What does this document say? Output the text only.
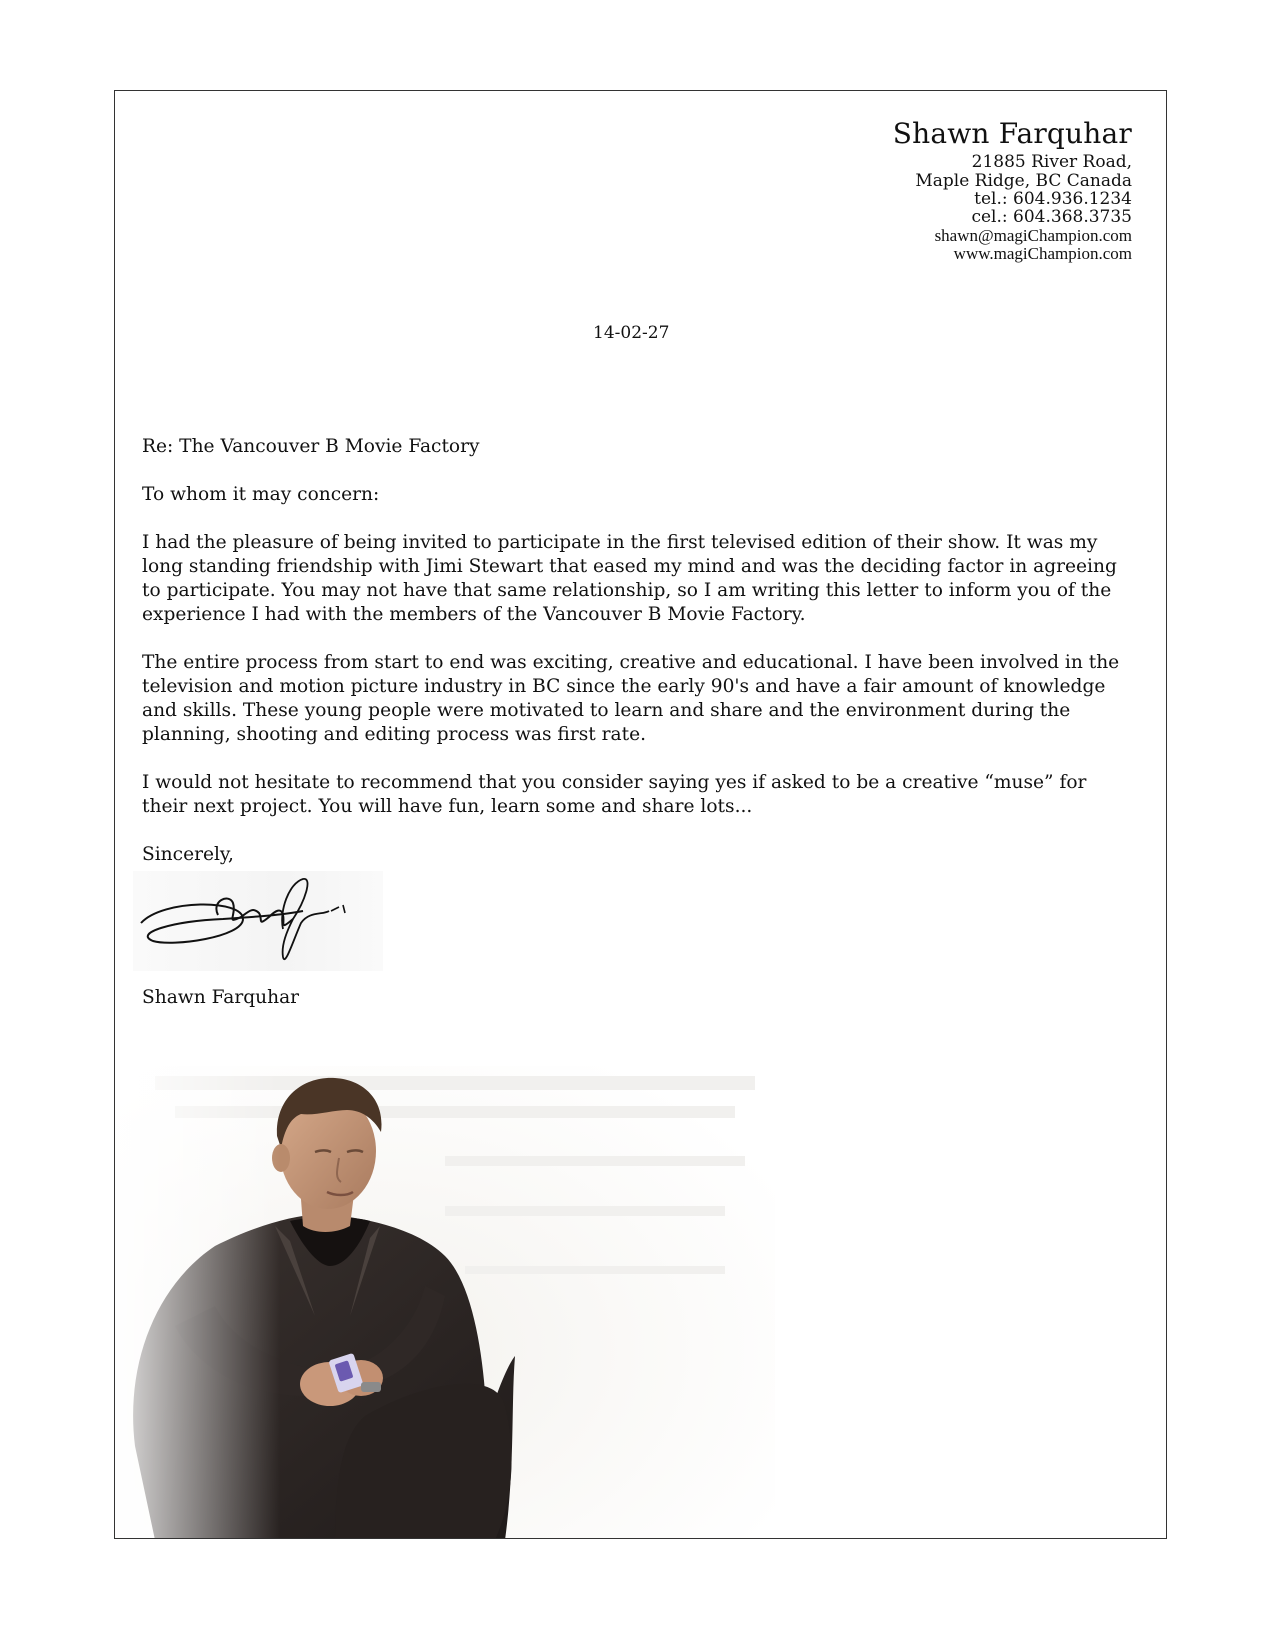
Shawn Farquhar
21885 River Road,
Maple Ridge, BC Canada
tel.: 604.936.1234
cel.: 604.368.3735
shawn@magiChampion.com
www.magiChampion.com
14-02-27

Re: The Vancouver B Movie Factory

To whom it may concern:

I had the pleasure of being invited to participate in the first televised edition of their show. It was my long standing friendship with Jimi Stewart that eased my mind and was the deciding factor in agreeing to participate. You may not have that same relationship, so I am writing this letter to inform you of the experience I had with the members of the Vancouver B Movie Factory.

The entire process from start to end was exciting, creative and educational. I have been involved in the television and motion picture industry in BC since the early 90's and have a fair amount of knowledge and skills. These young people were motivated to learn and share and the environment during the planning, shooting and editing process was first rate.

I would not hesitate to recommend that you consider saying yes if asked to be a creative “muse” for their next project. You will have fun, learn some and share lots...

Sincerely,

Shawn Farquhar
